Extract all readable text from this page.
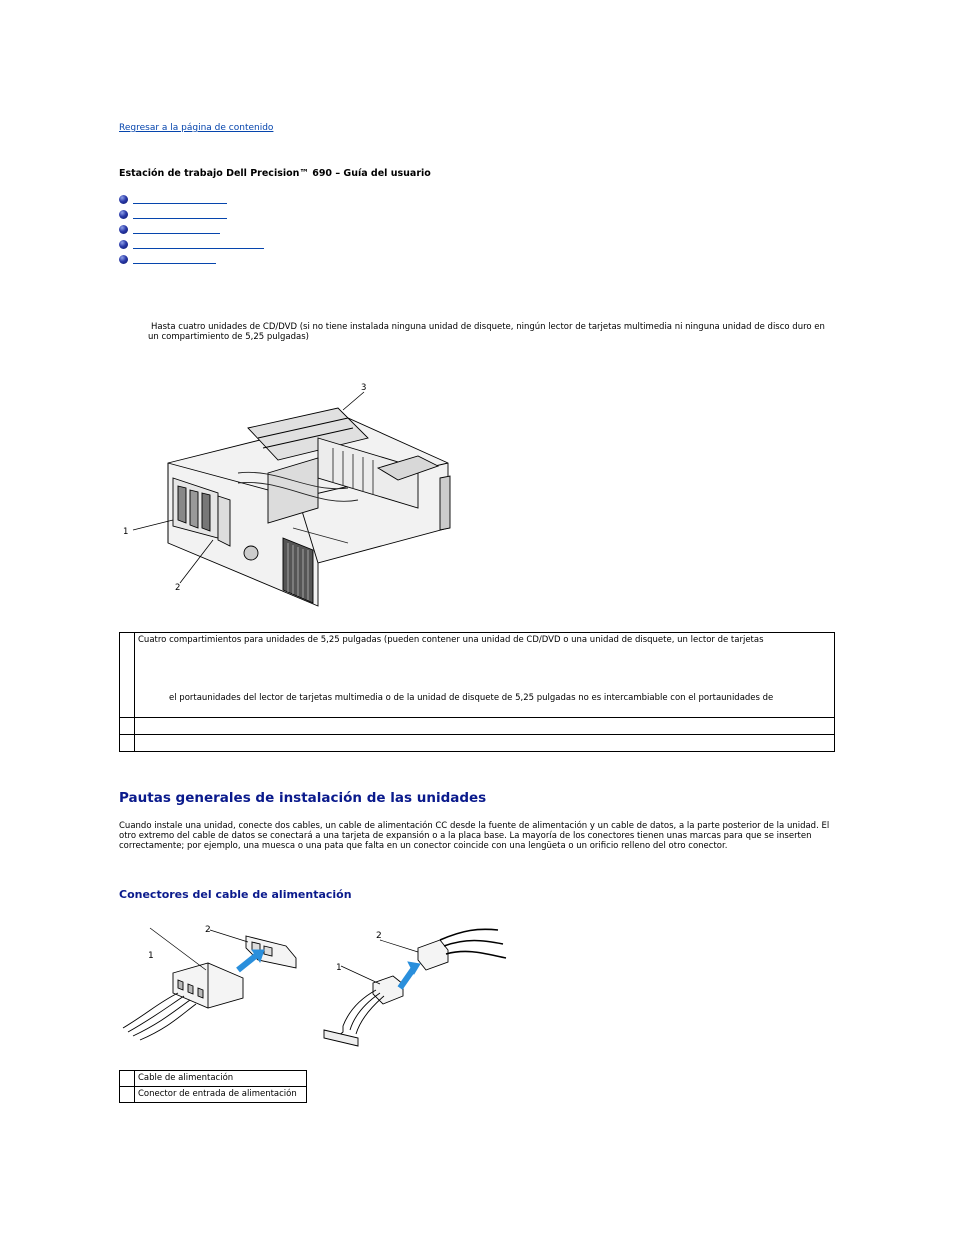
Regresar a la página de contenido
Estación de trabajo Dell Precision™ 690 – Guía del usuario
Hasta cuatro unidades de CD/DVD (si no tiene instalada ninguna unidad de disquete, ningún lector de tarjetas multimedia ni ninguna unidad de disco duro en un compartimiento de 5,25 pulgadas)
1
2
3

	Cuatro compartimientos para unidades de 5,25 pulgadas (pueden contener una unidad de CD/DVD o una unidad de disquete, un lector de tarjetas
el portaunidades del lector de tarjetas multimedia o de la unidad de disquete de 5,25 pulgadas no es intercambiable con el portaunidades de

Pautas generales de instalación de las unidades
Cuando instale una unidad, conecte dos cables, un cable de alimentación CC desde la fuente de alimentación y un cable de datos, a la parte posterior de la unidad. El otro extremo del cable de datos se conectará a una tarjeta de expansión o a la placa base. La mayoría de los conectores tienen unas marcas para que se inserten correctamente; por ejemplo, una muesca o una pata que falta en un conector coincide con una lengüeta o un orificio relleno del otro conector.
Conectores del cable de alimentación
1
2
1
2
	Cable de alimentación
	Conector de entrada de alimentación
